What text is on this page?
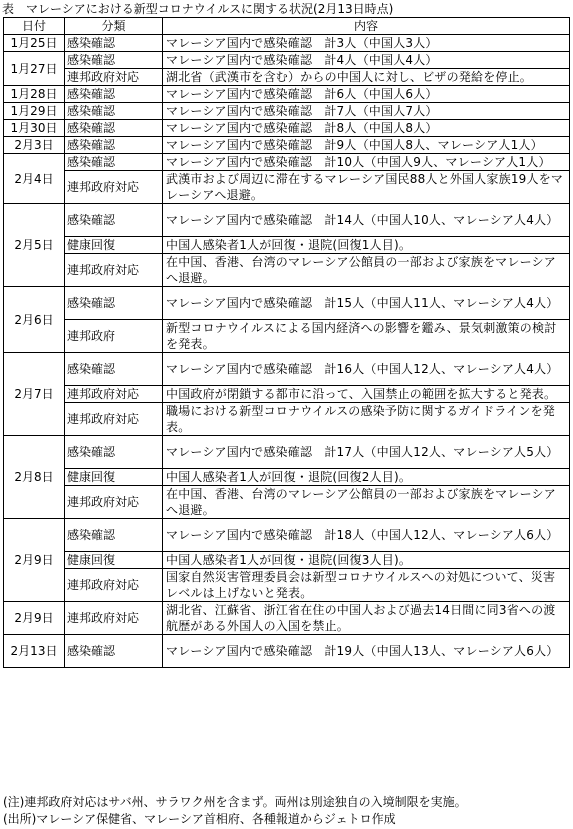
表　マレーシアにおける新型コロナウイルスに関する状況(2月13日時点)
日付	分類	内容
1月25日	感染確認	マレーシア国内で感染確認　計3人（中国人3人）
1月27日	感染確認	マレーシア国内で感染確認　計4人（中国人4人）
	連邦政府対応	湖北省（武漢市を含む）からの中国人に対し、ビザの発給を停止。
1月28日	感染確認	マレーシア国内で感染確認　計6人（中国人6人）
1月29日	感染確認	マレーシア国内で感染確認　計7人（中国人7人）
1月30日	感染確認	マレーシア国内で感染確認　計8人（中国人8人）
2月3日	感染確認	マレーシア国内で感染確認　計9人（中国人8人、マレーシア人1人）
2月4日	感染確認	マレーシア国内で感染確認　計10人（中国人9人、マレーシア人1人）
	連邦政府対応	武漢市および周辺に滞在するマレーシア国民88人と外国人家族19人をマレーシアへ退避。
2月5日	感染確認	マレーシア国内で感染確認　計14人（中国人10人、マレーシア人4人）
	健康回復	中国人感染者1人が回復・退院(回復1人目)。
	連邦政府対応	在中国、香港、台湾のマレーシア公館員の一部および家族をマレーシアへ退避。
2月6日	感染確認	マレーシア国内で感染確認　計15人（中国人11人、マレーシア人4人）
	連邦政府	新型コロナウイルスによる国内経済への影響を鑑み、景気刺激策の検討を発表。
2月7日	感染確認	マレーシア国内で感染確認　計16人（中国人12人、マレーシア人4人）
	連邦政府対応	中国政府が閉鎖する都市に沿って、入国禁止の範囲を拡大すると発表。
	連邦政府対応	職場における新型コロナウイルスの感染予防に関するガイドラインを発表。
2月8日	感染確認	マレーシア国内で感染確認　計17人（中国人12人、マレーシア人5人）
	健康回復	中国人感染者1人が回復・退院(回復2人目)。
	連邦政府対応	在中国、香港、台湾のマレーシア公館員の一部および家族をマレーシアへ退避。
2月9日	感染確認	マレーシア国内で感染確認　計18人（中国人12人、マレーシア人6人）
	健康回復	中国人感染者1人が回復・退院(回復3人目)。
	連邦政府対応	国家自然災害管理委員会は新型コロナウイルスへの対処について、災害レベルは上げないと発表。
2月9日	連邦政府対応	湖北省、江蘇省、浙江省在住の中国人および過去14日間に同3省への渡航歴がある外国人の入国を禁止。
2月13日	感染確認	マレーシア国内で感染確認　計19人（中国人13人、マレーシア人6人）
(注)連邦政府対応はサバ州、サラワク州を含まず。両州は別途独自の入境制限を実施。
(出所)マレーシア保健省、マレーシア首相府、各種報道からジェトロ作成
